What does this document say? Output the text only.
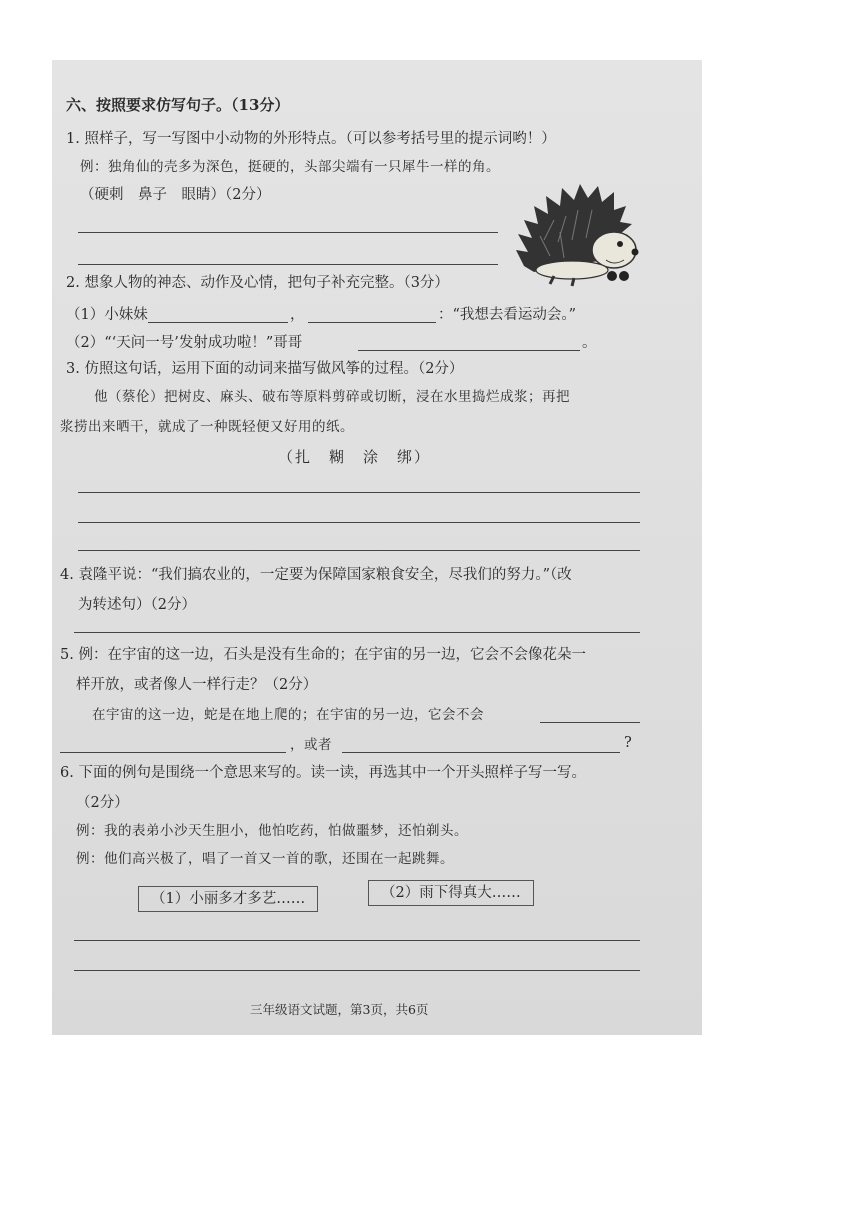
六、按照要求仿写句子。（13分）
1. 照样子，写一写图中小动物的外形特点。（可以参考括号里的提示词哟！）
例：独角仙的壳多为深色，挺硬的，头部尖端有一只犀牛一样的角。
（硬刺　鼻子　眼睛）（2分）
2. 想象人物的神态、动作及心情，把句子补充完整。（3分）
（1）小妹妹	，	：“我想去看运动会。”
（2）“‘天问一号’发射成功啦！”哥哥	。
3. 仿照这句话，运用下面的动词来描写做风筝的过程。（2分）
他（蔡伦）把树皮、麻头、破布等原料剪碎或切断，浸在水里捣烂成浆；再把
浆捞出来晒干，就成了一种既轻便又好用的纸。
（扎　糊　涂　绑）
4. 袁隆平说：“我们搞农业的，一定要为保障国家粮食安全，尽我们的努力。”（改
为转述句）（2分）
5. 例：在宇宙的这一边，石头是没有生命的；在宇宙的另一边，它会不会像花朵一
样开放，或者像人一样行走？（2分）
在宇宙的这一边，蛇是在地上爬的；在宇宙的另一边，它会不会
，或者	?
6. 下面的例句是围绕一个意思来写的。读一读，再选其中一个开头照样子写一写。
（2分）
例：我的表弟小沙天生胆小，他怕吃药，怕做噩梦，还怕剃头。
例：他们高兴极了，唱了一首又一首的歌，还围在一起跳舞。
（1）小丽多才多艺……	（2）雨下得真大……
三年级语文试题，第3页，共6页
